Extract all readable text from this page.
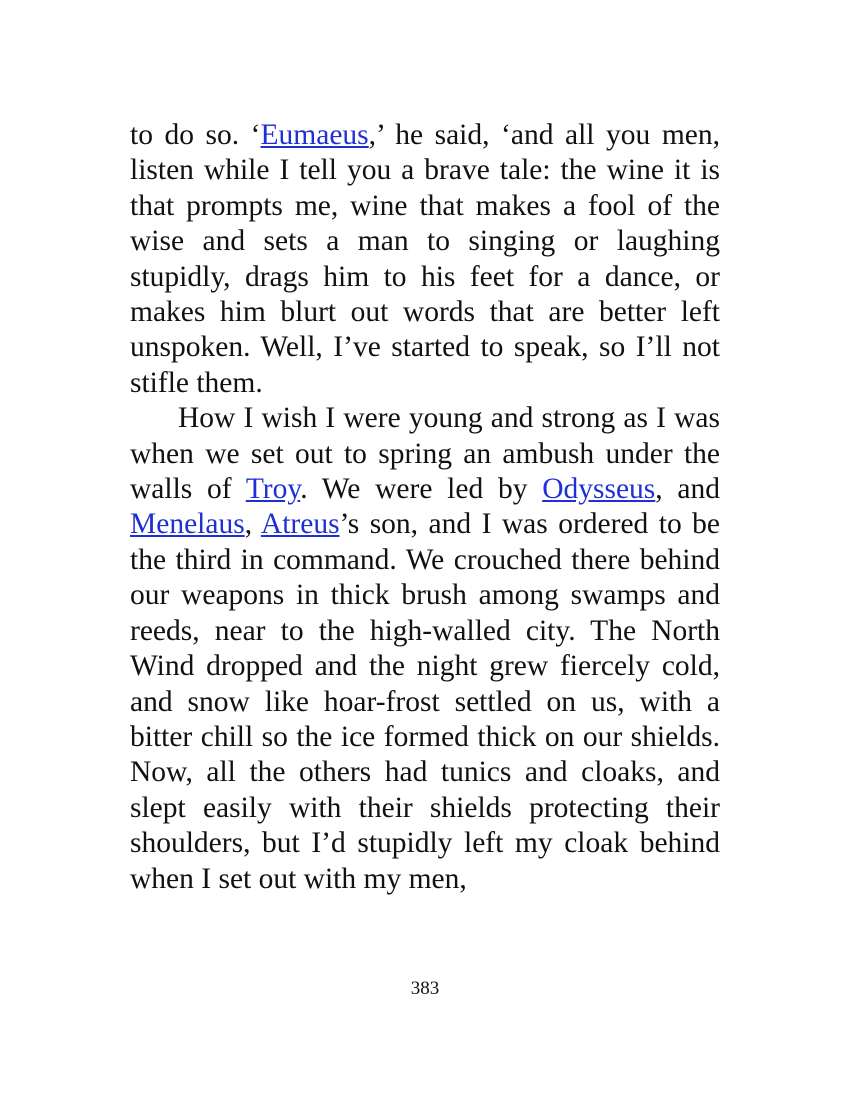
to do so. ‘Eumaeus,’ he said, ‘and all you men, listen while I tell you a brave tale: the wine it is that prompts me, wine that makes a fool of the wise and sets a man to singing or laughing stupidly, drags him to his feet for a dance, or makes him blurt out words that are better left unspoken. Well, I’ve started to speak, so I’ll not stifle them.

How I wish I were young and strong as I was when we set out to spring an ambush under the walls of Troy. We were led by Odysseus, and Menelaus, Atreus’s son, and I was ordered to be the third in command. We crouched there behind our weapons in thick brush among swamps and reeds, near to the high-walled city. The North Wind dropped and the night grew fiercely cold, and snow like hoar-frost settled on us, with a bitter chill so the ice formed thick on our shields. Now, all the others had tunics and cloaks, and slept easily with their shields protecting their shoulders, but I’d stupidly left my cloak behind when I set out with my men,

383
